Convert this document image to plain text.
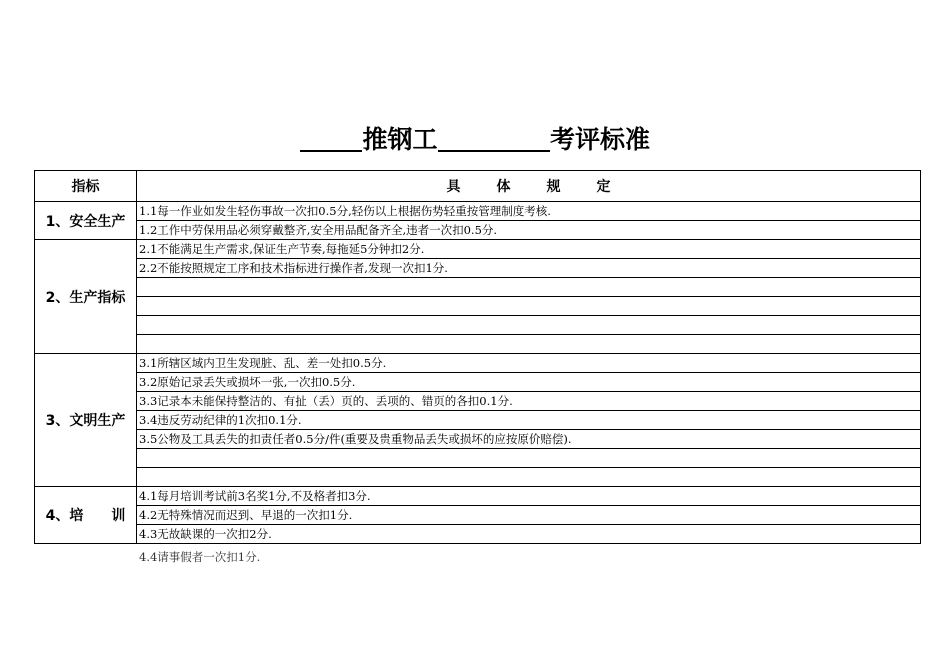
   推钢工     	考评标准
指标	具 体 规 定
1、安全生产	1.1每一作业如发生轻伤事故一次扣0.5分,轻伤以上根据伤势轻重按管理制度考核.
	1.2工作中劳保用品必须穿戴整齐,安全用品配备齐全,违者一次扣0.5分.
2、生产指标	2.1不能满足生产需求,保证生产节奏,每拖延5分钟扣2分.
	2.2不能按照规定工序和技术指标进行操作者,发现一次扣1分.

3、文明生产	3.1所辖区域内卫生发现脏、乱、差一处扣0.5分.
	3.2原始记录丢失或损坏一张,一次扣0.5分.
	3.3记录本未能保持整洁的、有扯（丢）页的、丢项的、错页的各扣0.1分.
	3.4违反劳动纪律的1次扣0.1分.
	3.5公物及工具丢失的扣责任者0.5分/件(重要及贵重物品丢失或损坏的应按原价赔偿).

4、培　　训	4.1每月培训考试前3名奖1分,不及格者扣3分.
	4.2无特殊情况而迟到、早退的一次扣1分.
	4.3无故缺课的一次扣2分.
4.4请事假者一次扣1分.
